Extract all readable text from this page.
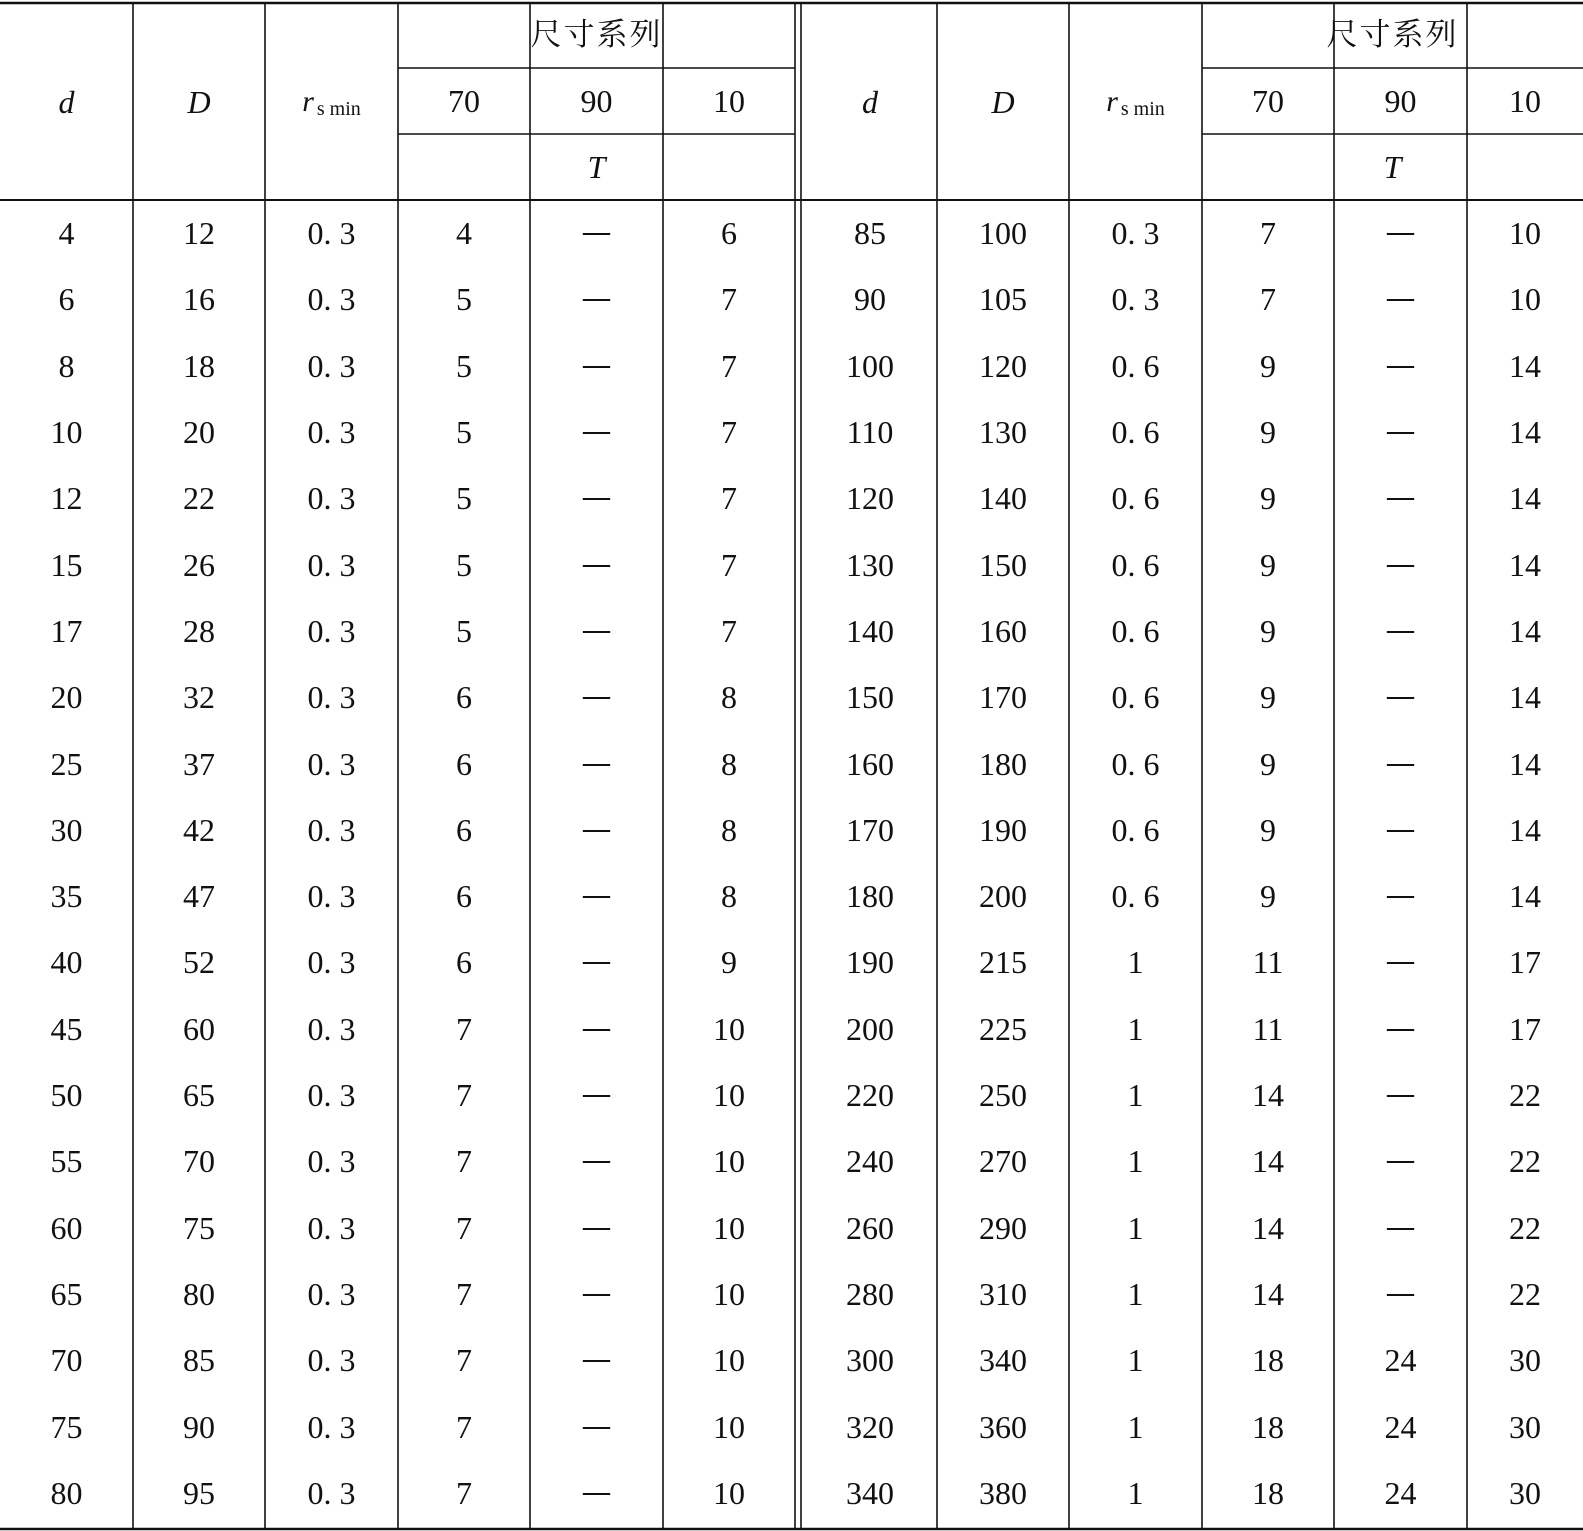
d	D	r s min
尺寸系列
70	90	10
T
4	12	0. 3	4	—	6
6	16	0. 3	5	—	7
8	18	0. 3	5	—	7
10	20	0. 3	5	—	7
12	22	0. 3	5	—	7
15	26	0. 3	5	—	7
17	28	0. 3	5	—	7
20	32	0. 3	6	—	8
25	37	0. 3	6	—	8
30	42	0. 3	6	—	8
35	47	0. 3	6	—	8
40	52	0. 3	6	—	9
45	60	0. 3	7	—	10
50	65	0. 3	7	—	10
55	70	0. 3	7	—	10
60	75	0. 3	7	—	10
65	80	0. 3	7	—	10
70	85	0. 3	7	—	10
75	90	0. 3	7	—	10
80	95	0. 3	7	—	10
d	D	r s min
尺寸系列
70	90	10
T
85	100	0. 3	7	—	10
90	105	0. 3	7	—	10
100	120	0. 6	9	—	14
110	130	0. 6	9	—	14
120	140	0. 6	9	—	14
130	150	0. 6	9	—	14
140	160	0. 6	9	—	14
150	170	0. 6	9	—	14
160	180	0. 6	9	—	14
170	190	0. 6	9	—	14
180	200	0. 6	9	—	14
190	215	1	11	—	17
200	225	1	11	—	17
220	250	1	14	—	22
240	270	1	14	—	22
260	290	1	14	—	22
280	310	1	14	—	22
300	340	1	18	24	30
320	360	1	18	24	30
340	380	1	18	24	30
